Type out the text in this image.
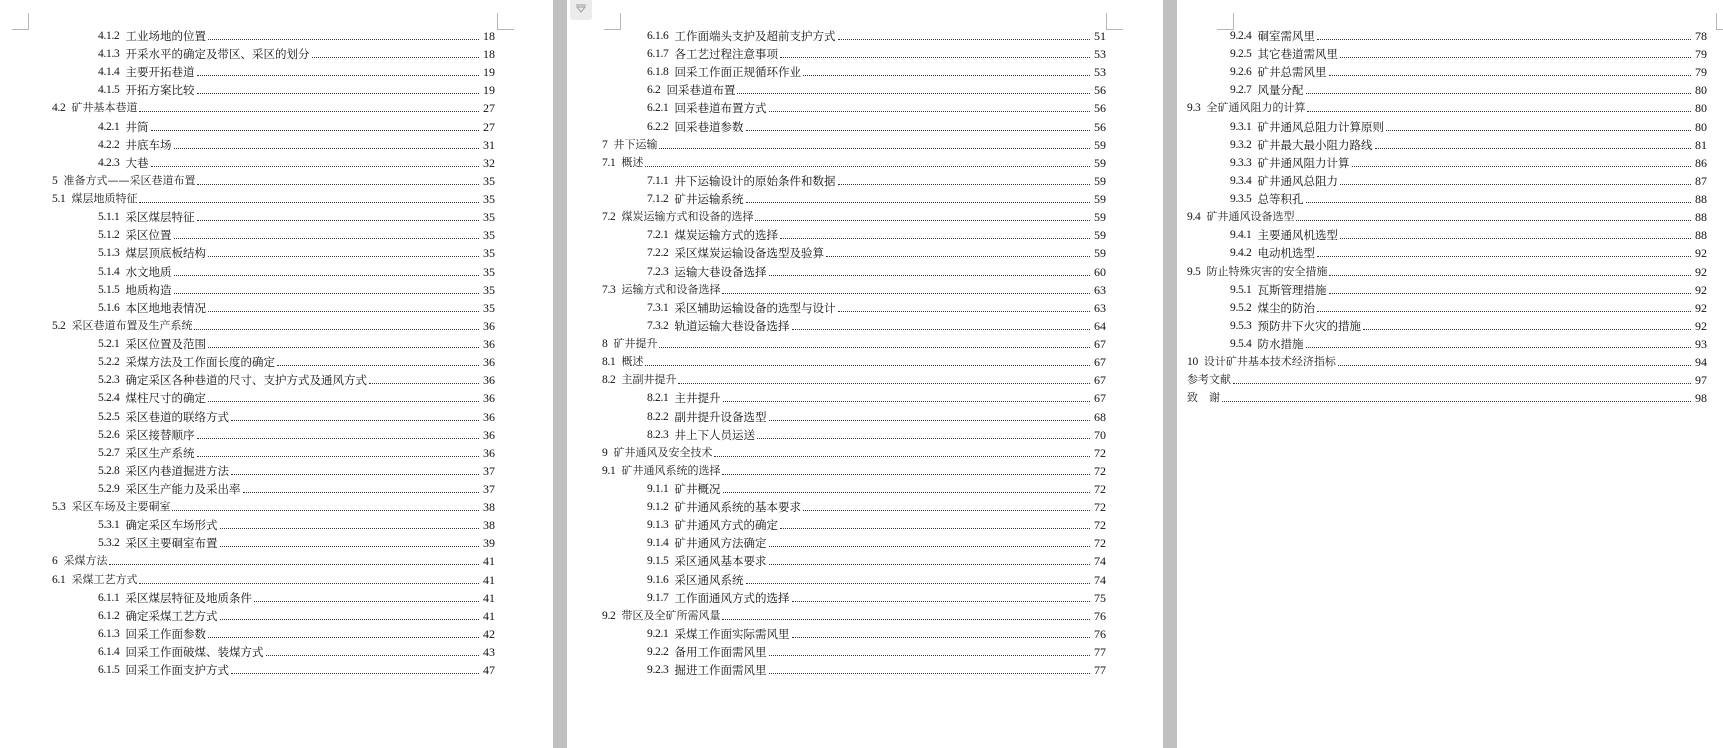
4.1.2 工业场地的位置	18
4.1.3 开采水平的确定及带区、采区的划分	18
4.1.4 主要开拓巷道	19
4.1.5 开拓方案比较	19
4.2 矿井基本巷道	27
4.2.1 井筒	27
4.2.2 井底车场	31
4.2.3 大巷	32
5 准备方式——采区巷道布置	35
5.1 煤层地质特征	35
5.1.1 采区煤层特征	35
5.1.2 采区位置	35
5.1.3 煤层顶底板结构	35
5.1.4 水文地质	35
5.1.5 地质构造	35
5.1.6 本区地地表情况	35
5.2 采区巷道布置及生产系统	36
5.2.1 采区位置及范围	36
5.2.2 采煤方法及工作面长度的确定	36
5.2.3 确定采区各种巷道的尺寸、支护方式及通风方式	36
5.2.4 煤柱尺寸的确定	36
5.2.5 采区巷道的联络方式	36
5.2.6 采区接替顺序	36
5.2.7 采区生产系统	36
5.2.8 采区内巷道掘进方法	37
5.2.9 采区生产能力及采出率	37
5.3 采区车场及主要硐室	38
5.3.1 确定采区车场形式	38
5.3.2 采区主要硐室布置	39
6 采煤方法	41
6.1 采煤工艺方式	41
6.1.1 采区煤层特征及地质条件	41
6.1.2 确定采煤工艺方式	41
6.1.3 回采工作面参数	42
6.1.4 回采工作面破煤、装煤方式	43
6.1.5 回采工作面支护方式	47
6.1.6 工作面端头支护及超前支护方式	51
6.1.7 各工艺过程注意事项	53
6.1.8 回采工作面正规循环作业	53
6.2 回采巷道布置	56
6.2.1 回采巷道布置方式	56
6.2.2 回采巷道参数	56
7 井下运输	59
7.1 概述	59
7.1.1 井下运输设计的原始条件和数据	59
7.1.2 矿井运输系统	59
7.2 煤炭运输方式和设备的选择	59
7.2.1 煤炭运输方式的选择	59
7.2.2 采区煤炭运输设备选型及验算	59
7.2.3 运输大巷设备选择	60
7.3 运输方式和设备选择	63
7.3.1 采区辅助运输设备的选型与设计	63
7.3.2 轨道运输大巷设备选择	64
8 矿井提升	67
8.1 概述	67
8.2 主副井提升	67
8.2.1 主井提升	67
8.2.2 副井提升设备选型	68
8.2.3 井上下人员运送	70
9 矿井通风及安全技术	72
9.1 矿井通风系统的选择	72
9.1.1 矿井概况	72
9.1.2 矿井通风系统的基本要求	72
9.1.3 矿井通风方式的确定	72
9.1.4 矿井通风方法确定	72
9.1.5 采区通风基本要求	74
9.1.6 采区通风系统	74
9.1.7 工作面通风方式的选择	75
9.2 带区及全矿所需风量	76
9.2.1 采煤工作面实际需风里	76
9.2.2 备用工作面需风里	77
9.2.3 掘进工作面需风里	77
9.2.4 硐室需风里	78
9.2.5 其它巷道需风里	79
9.2.6 矿井总需风里	79
9.2.7 风量分配	80
9.3 全矿通风阻力的计算	80
9.3.1 矿井通风总阻力计算原则	80
9.3.2 矿井最大最小阻力路线	81
9.3.3 矿井通风阻力计算	86
9.3.4 矿井通风总阻力	87
9.3.5 总等积孔	88
9.4 矿井通风设备选型	88
9.4.1 主要通风机选型	88
9.4.2 电动机选型	92
9.5 防止特殊灾害的安全措施	92
9.5.1 瓦斯管理措施	92
9.5.2 煤尘的防治	92
9.5.3 预防井下火灾的措施	92
9.5.4 防水措施	93
10 设计矿井基本技术经济指标	94
参考文献	97
致　谢	98
